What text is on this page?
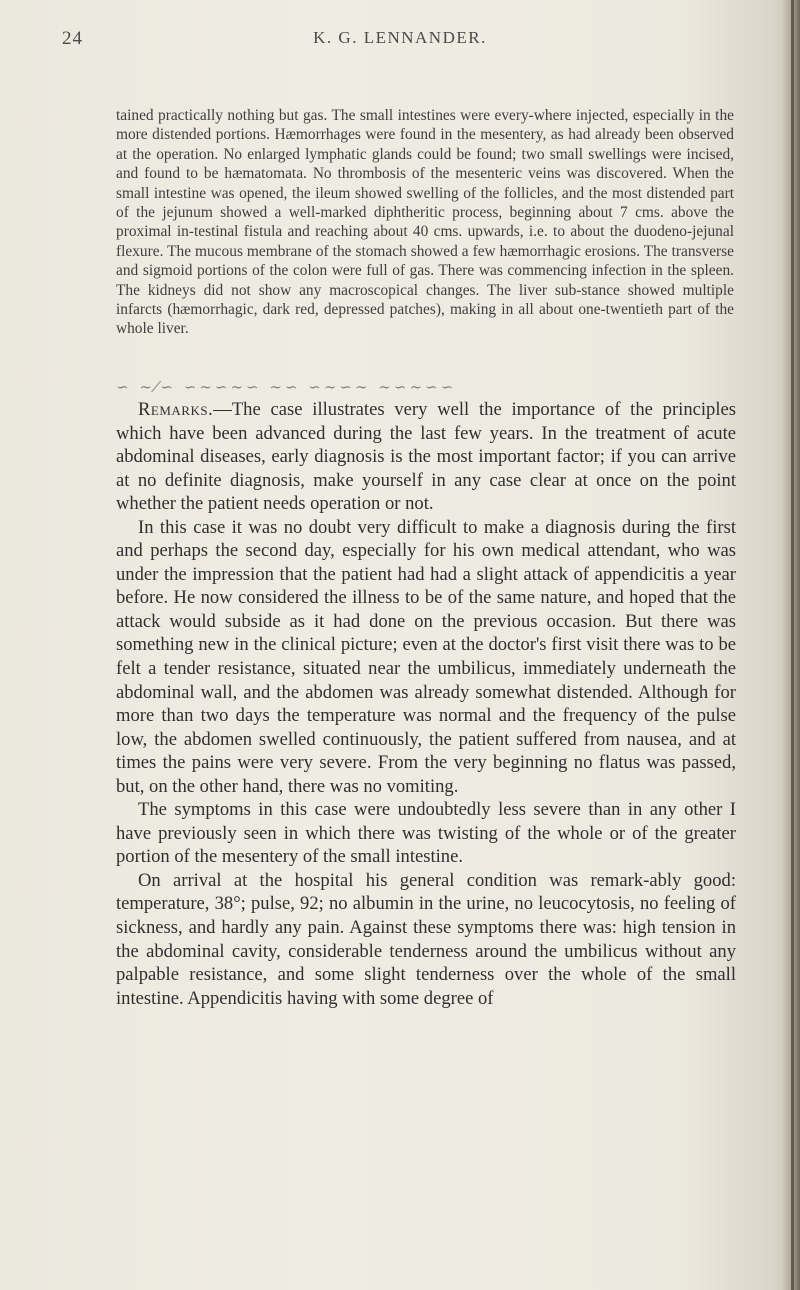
24	K. G. LENNANDER.

tained practically nothing but gas. The small intestines were every-where injected, especially in the more distended portions. Hæmorrhages were found in the mesentery, as had already been observed at the operation. No enlarged lymphatic glands could be found; two small swellings were incised, and found to be hæmatomata. No thrombosis of the mesenteric veins was discovered. When the small intestine was opened, the ileum showed swelling of the follicles, and the most distended part of the jejunum showed a well-marked diphtheritic process, beginning about 7 cms. above the proximal in-testinal fistula and reaching about 40 cms. upwards, i.e. to about the duodeno-jejunal flexure. The mucous membrane of the stomach showed a few hæmorrhagic erosions. The transverse and sigmoid portions of the colon were full of gas. There was commencing infection in the spleen. The kidneys did not show any macroscopical changes. The liver sub-stance showed multiple infarcts (hæmorrhagic, dark red, depressed patches), making in all about one-twentieth part of the whole liver.

∽ ∼⁄∽ ∽∼∽∼∽ ∼∽ ∽∼∽∼ ∼∽∼∽∽

Remarks.—The case illustrates very well the importance of the principles which have been advanced during the last few years. In the treatment of acute abdominal diseases, early diagnosis is the most important factor; if you can arrive at no definite diagnosis, make yourself in any case clear at once on the point whether the patient needs operation or not.

In this case it was no doubt very difficult to make a diagnosis during the first and perhaps the second day, especially for his own medical attendant, who was under the impression that the patient had had a slight attack of appendicitis a year before. He now considered the illness to be of the same nature, and hoped that the attack would subside as it had done on the previous occasion. But there was something new in the clinical picture; even at the doctor's first visit there was to be felt a tender resistance, situated near the umbilicus, immediately underneath the abdominal wall, and the abdomen was already somewhat distended. Although for more than two days the temperature was normal and the frequency of the pulse low, the abdomen swelled continuously, the patient suffered from nausea, and at times the pains were very severe. From the very beginning no flatus was passed, but, on the other hand, there was no vomiting.

The symptoms in this case were undoubtedly less severe than in any other I have previously seen in which there was twisting of the whole or of the greater portion of the mesentery of the small intestine.

On arrival at the hospital his general condition was remark-ably good: temperature, 38°; pulse, 92; no albumin in the urine, no leucocytosis, no feeling of sickness, and hardly any pain. Against these symptoms there was: high tension in the abdominal cavity, considerable tenderness around the umbilicus without any palpable resistance, and some slight tenderness over the whole of the small intestine. Appendicitis having with some degree of
